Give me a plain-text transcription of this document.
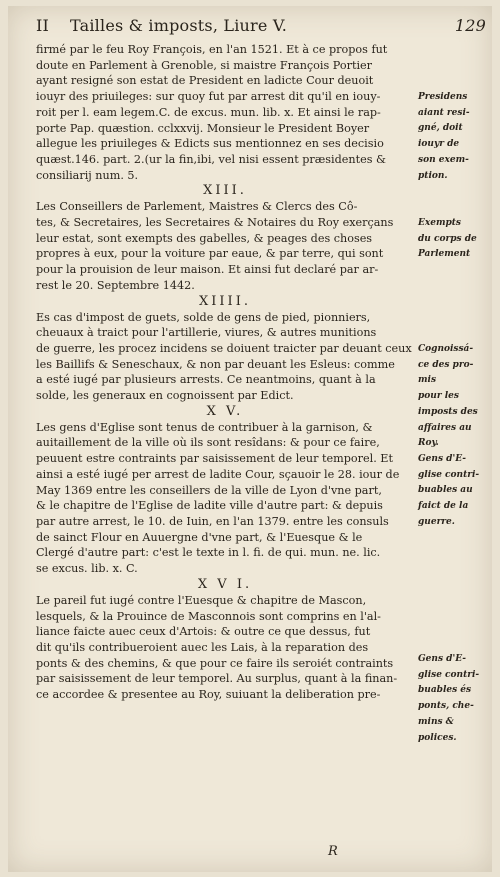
II Tailles & imposts, Liure V.	129

firmé par le feu Roy François, en l'an 1521. Et à ce propos fut
doute en Parlement à Grenoble, si maistre François Portier
ayant resigné son estat de President en ladicte Cour deuoit
iouyr des priuileges: sur quoy fut par arrest dit qu'il en iouy-
roit per l. eam legem.C. de excus. mun. lib. x. Et ainsi le rap-
porte Pap. quæstion. cclxxvij. Monsieur le President Boyer
allegue les priuileges & Edicts sus mentionnez en ses decisio
quæst.146. part. 2.(ur la fin,ibi, vel nisi essent præsidentes &
consiliarij num. 5.

XIII.

Les Conseillers de Parlement, Maistres & Clercs des Cô-
tes, & Secretaires, les Secretaires & Notaires du Roy exerçans
leur estat, sont exempts des gabelles, & peages des choses
propres à eux, pour la voiture par eaue, & par terre, qui sont
pour la prouision de leur maison. Et ainsi fut declaré par ar-
rest le 20. Septembre 1442.

XIIII.

Es cas d'impost de guets, solde de gens de pied, pionniers,
cheuaux à traict pour l'artillerie, viures, & autres munitions
de guerre, les procez incidens se doiuent traicter par deuant ceux
les Baillifs & Seneschaux, & non par deuant les Esleus: comme
a esté iugé par plusieurs arrests. Ce neantmoins, quant à la
solde, les generaux en cognoissent par Edict.

X V.

Les gens d'Eglise sont tenus de contribuer à la garnison, &
auitaillement de la ville où ils sont resîdans: & pour ce faire,
peuuent estre contraints par saisissement de leur temporel. Et
ainsi a esté iugé per arrest de ladite Cour, sçauoir le 28. iour de
May 1369 entre les conseillers de la ville de Lyon d'vne part,
& le chapitre de l'Eglise de ladite ville d'autre part: & depuis
par autre arrest, le 10. de Iuin, en l'an 1379. entre les consuls
de sainct Flour en Auuergne d'vne part, & l'Euesque & le
Clergé d'autre part: c'est le texte in l. fi. de qui. mun. ne. lic.
se excus. lib. x. C.

X V I.

Le pareil fut iugé contre l'Euesque & chapitre de Mascon,
lesquels, & la Prouince de Masconnois sont comprins en l'al-
liance faicte auec ceux d'Artois: & outre ce que dessus, fut
dit qu'ils contribueroient auec les Lais, à la reparation des
ponts & des chemins, & que pour ce faire ils seroiét contraints
par saisissement de leur temporel. Au surplus, quant à la finan-
ce accordee & presentee au Roy, suiuant la deliberation pre-

Presidens
aiant resi-
gné, doit
iouyr de
son exem-
ption.
Exempts
du corps de
Parlement
Cognoissá-
ce des pro-
mis
pour les
imposts des
affaires au
Roy.
Gens d'E-
glise contri-
buables au
faict de la
guerre.
Gens d'E-
glise contri-
buables és
ponts, che-
mins &
polices.
R
